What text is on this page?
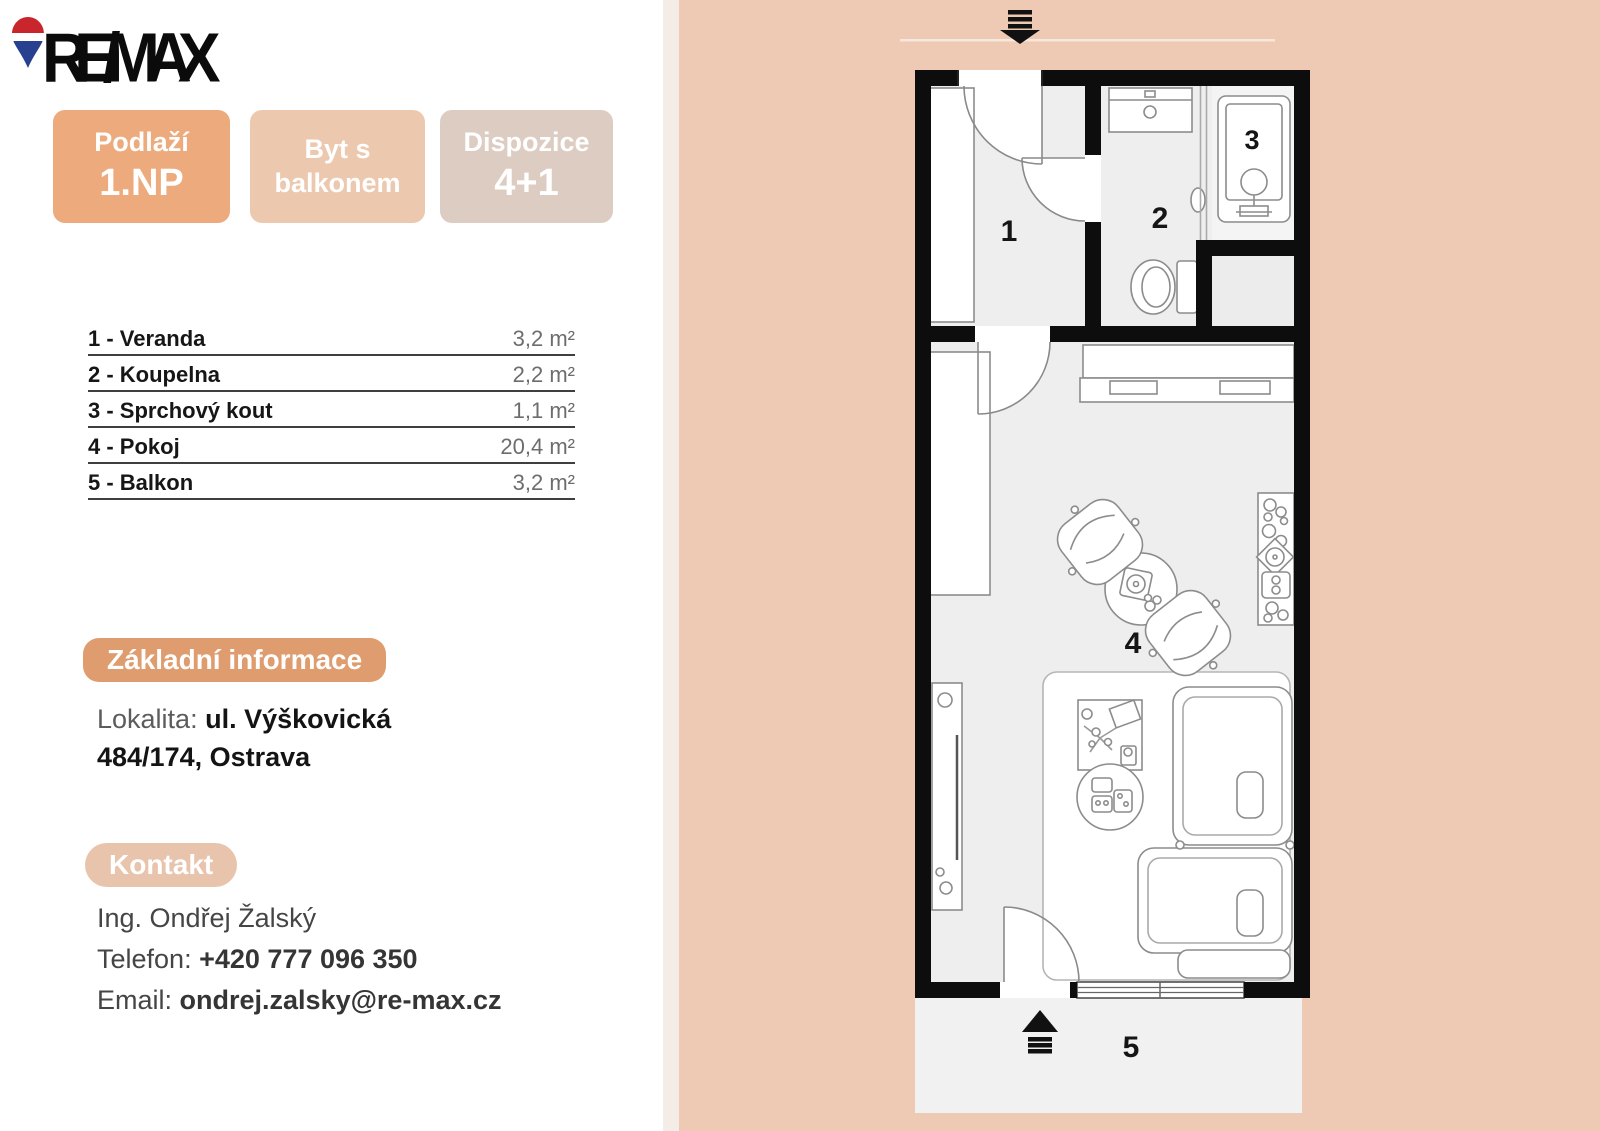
1	2
3
4
5
RE/MAX
Podlaží
1.NP
Byt s
balkonem
Dispozice
4+1
1 - Veranda	3,2 m²
2 - Koupelna	2,2 m²
3 - Sprchový kout	1,1 m²
4 - Pokoj	20,4 m²
5 - Balkon	3,2 m²
Základní informace
Lokalita: ul. Výškovická 484/174, Ostrava
Kontakt
Ing. Ondřej Žalský
Telefon: +420 777 096 350
Email: ondrej.zalsky@re-max.cz
